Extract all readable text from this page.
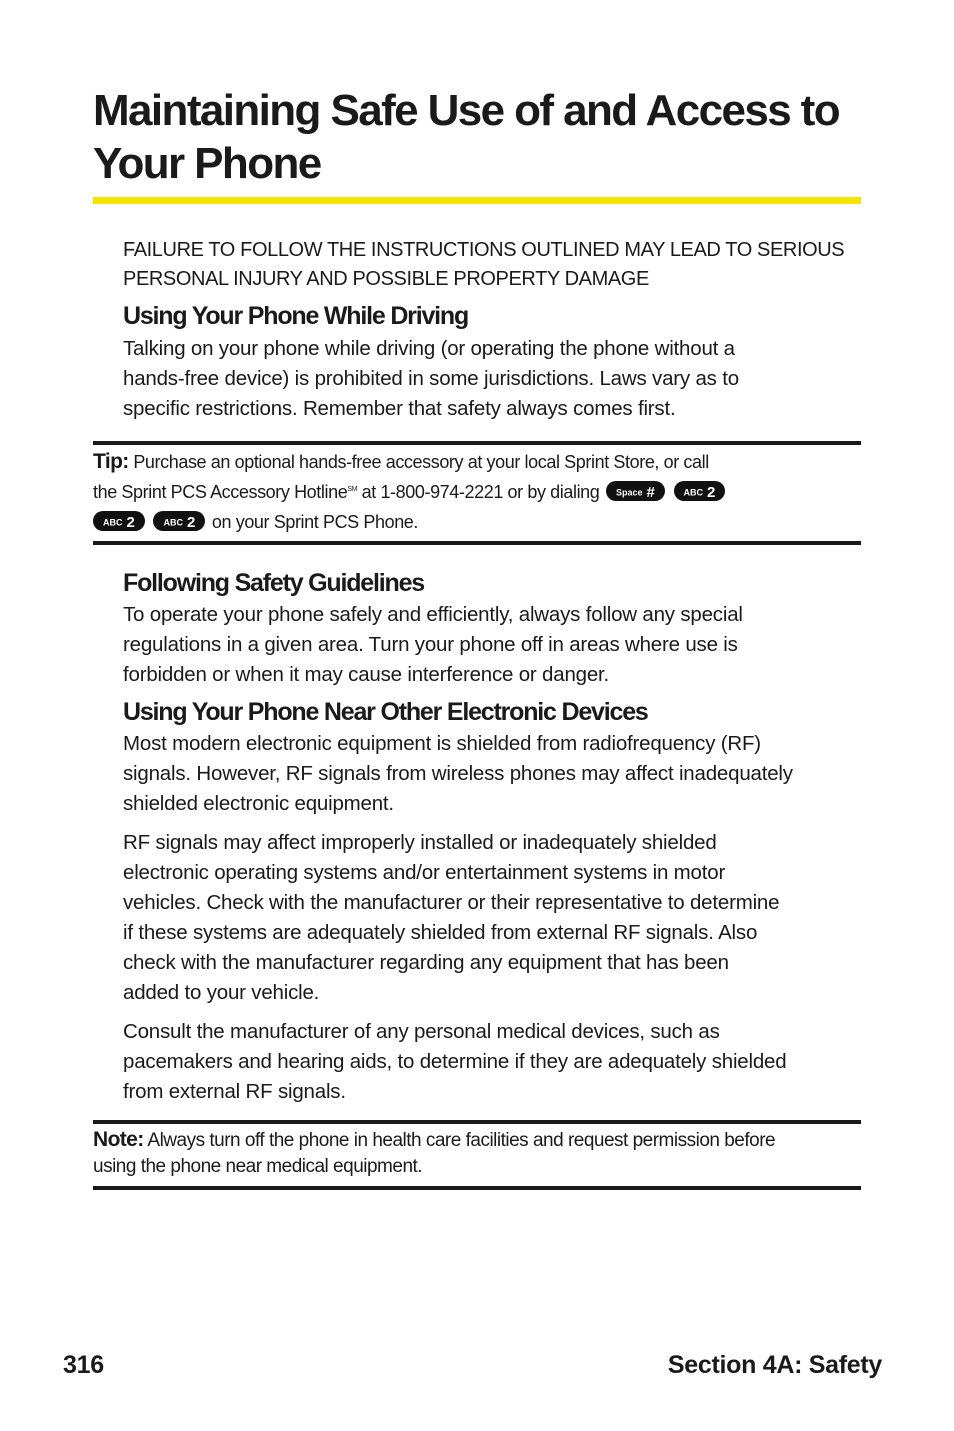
Maintaining Safe Use of and Access to
Your Phone

FAILURE TO FOLLOW THE INSTRUCTIONS OUTLINED MAY LEAD TO SERIOUS
PERSONAL INJURY AND POSSIBLE PROPERTY DAMAGE

Using Your Phone While Driving

Talking on your phone while driving (or operating the phone without a
hands-free device) is prohibited in some jurisdictions. Laws vary as to
specific restrictions. Remember that safety always comes first.

Tip: Purchase an optional hands-free accessory at your local Sprint Store, or call
the Sprint PCS Accessory Hotline℠ at 1-800-974-2221 or by dialing Space #	ABC 2
ABC 2	ABC 2 on your Sprint PCS Phone.

Following Safety Guidelines

To operate your phone safely and efficiently, always follow any special
regulations in a given area. Turn your phone off in areas where use is
forbidden or when it may cause interference or danger.

Using Your Phone Near Other Electronic Devices

Most modern electronic equipment is shielded from radiofrequency (RF)
signals. However, RF signals from wireless phones may affect inadequately
shielded electronic equipment.

RF signals may affect improperly installed or inadequately shielded
electronic operating systems and/or entertainment systems in motor
vehicles. Check with the manufacturer or their representative to determine
if these systems are adequately shielded from external RF signals. Also
check with the manufacturer regarding any equipment that has been
added to your vehicle.

Consult the manufacturer of any personal medical devices, such as
pacemakers and hearing aids, to determine if they are adequately shielded
from external RF signals.

Note: Always turn off the phone in health care facilities and request permission before
using the phone near medical equipment.

316	Section 4A: Safety
